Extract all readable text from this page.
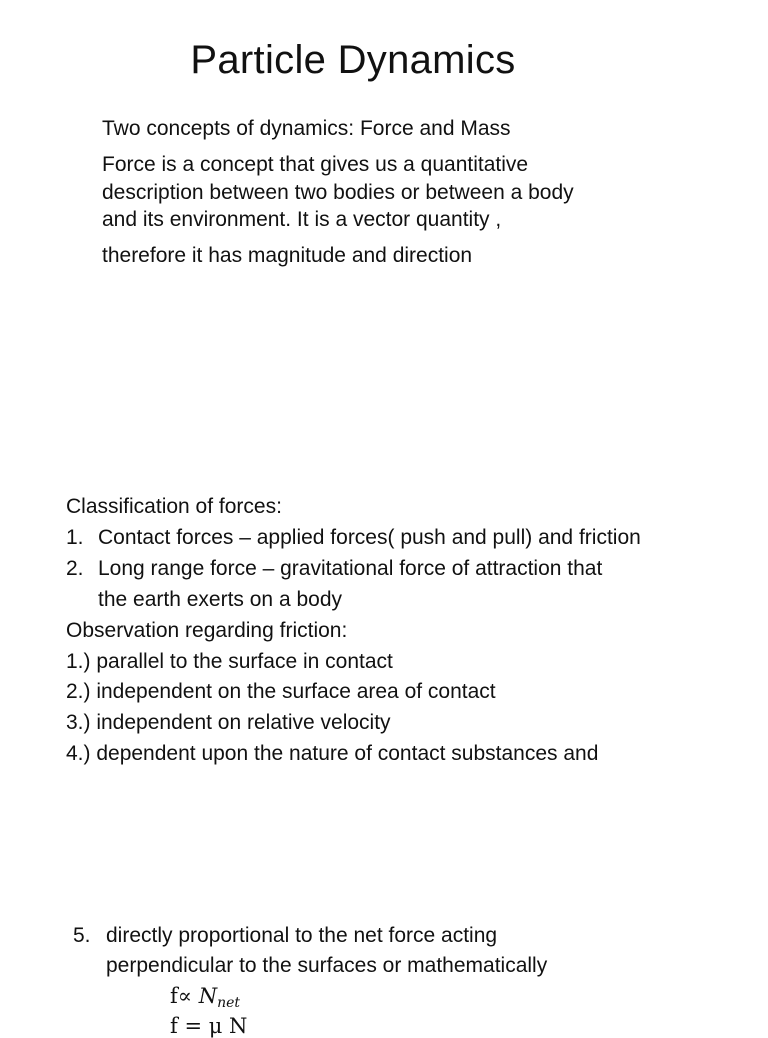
Particle Dynamics
Two concepts of dynamics: Force and Mass
Force is a concept that gives us a quantitative
description between two bodies or between a body
and its environment. It is a vector quantity ,
therefore it has magnitude and direction
Classification of forces:
1. Contact forces – applied forces( push and pull) and friction
2. Long range force – gravitational force of attraction that
the earth exerts on a body
Observation regarding friction:
1.) parallel to the surface in contact
2.) independent on the surface area of contact
3.) independent on relative velocity
4.) dependent upon the nature of contact substances and
5. directly proportional to the net force acting
perpendicular to the surfaces or mathematically
$f\propto N_{net}$
f = μ N
